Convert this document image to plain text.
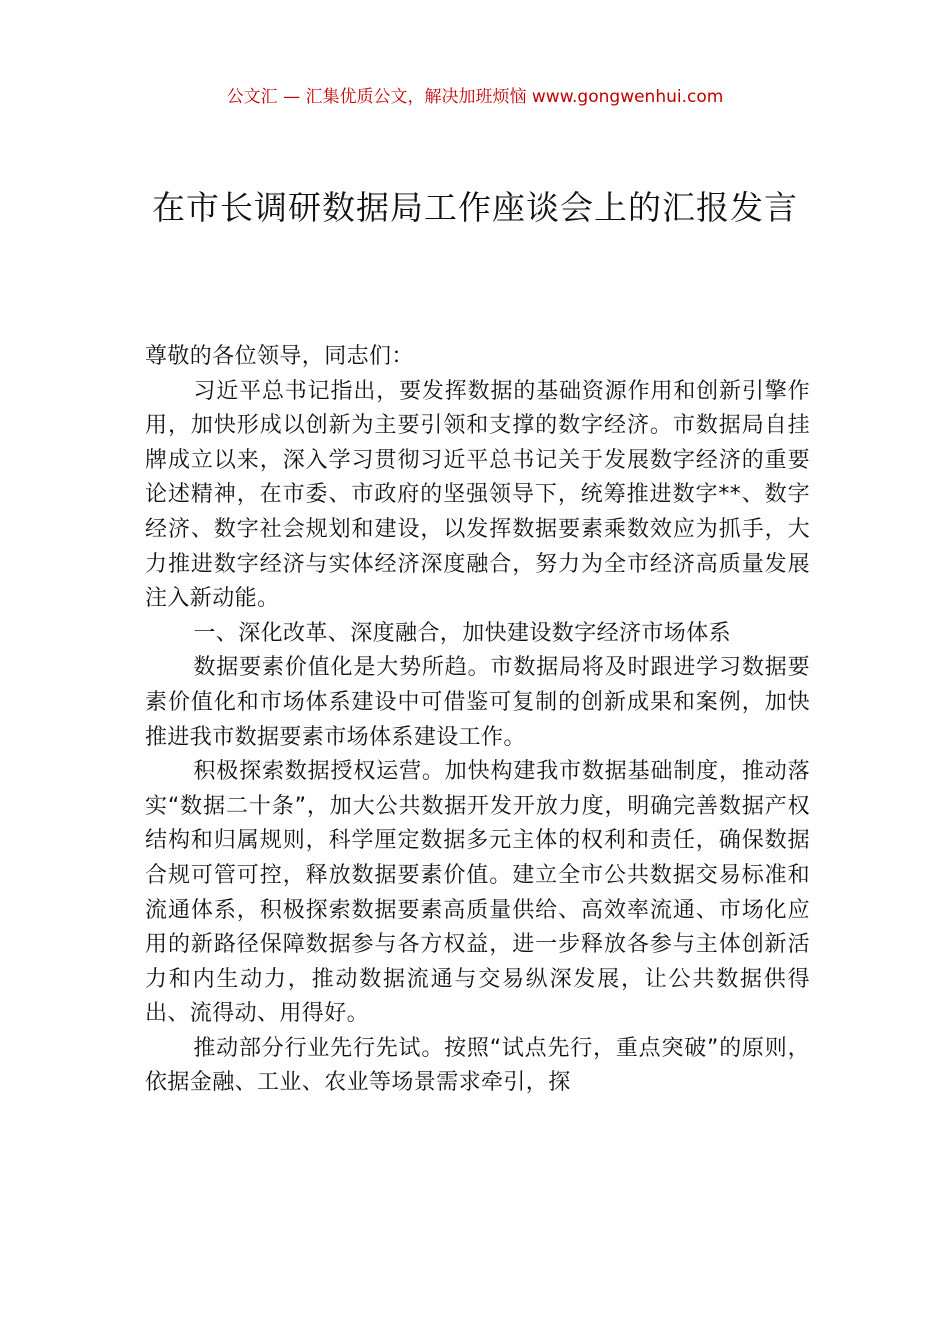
公文汇 — 汇集优质公文，解决加班烦恼 www.gongwenhui.com
在市长调研数据局工作座谈会上的汇报发言

尊敬的各位领导，同志们：

习近平总书记指出，要发挥数据的基础资源作用和创新引擎作用，加快形成以创新为主要引领和支撑的数字经济。市数据局自挂牌成立以来，深入学习贯彻习近平总书记关于发展数字经济的重要论述精神，在市委、市政府的坚强领导下，统筹推进数字**、数字经济、数字社会规划和建设，以发挥数据要素乘数效应为抓手，大力推进数字经济与实体经济深度融合，努力为全市经济高质量发展注入新动能。

一、深化改革、深度融合，加快建设数字经济市场体系

数据要素价值化是大势所趋。市数据局将及时跟进学习数据要素价值化和市场体系建设中可借鉴可复制的创新成果和案例，加快推进我市数据要素市场体系建设工作。

积极探索数据授权运营。加快构建我市数据基础制度，推动落实“数据二十条”，加大公共数据开发开放力度，明确完善数据产权结构和归属规则，科学厘定数据多元主体的权利和责任，确保数据合规可管可控，释放数据要素价值。建立全市公共数据交易标准和流通体系，积极探索数据要素高质量供给、高效率流通、市场化应用的新路径保障数据参与各方权益，进一步释放各参与主体创新活力和内生动力，推动数据流通与交易纵深发展，让公共数据供得出、流得动、用得好。

推动部分行业先行先试。按照“试点先行，重点突破”的原则，依据金融、工业、农业等场景需求牵引，探
